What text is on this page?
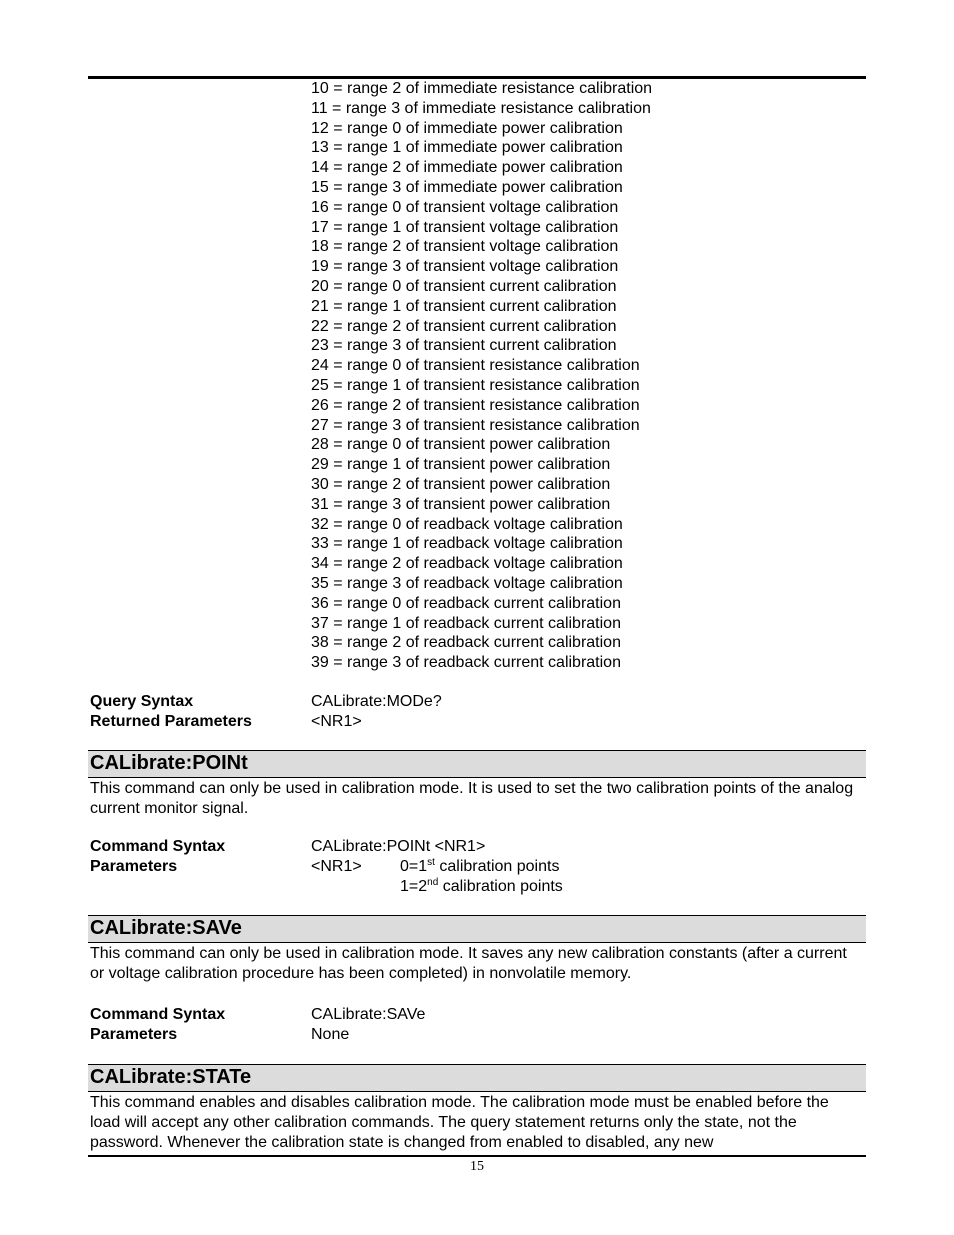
10 = range 2 of immediate resistance calibration
11 = range 3 of immediate resistance calibration
12 = range 0 of immediate power calibration
13 = range 1 of immediate power calibration
14 = range 2 of immediate power calibration
15 = range 3 of immediate power calibration
16 = range 0 of transient voltage calibration
17 = range 1 of transient voltage calibration
18 = range 2 of transient voltage calibration
19 = range 3 of transient voltage calibration
20 = range 0 of transient current calibration
21 = range 1 of transient current calibration
22 = range 2 of transient current calibration
23 = range 3 of transient current calibration
24 = range 0 of transient resistance calibration
25 = range 1 of transient resistance calibration
26 = range 2 of transient resistance calibration
27 = range 3 of transient resistance calibration
28 = range 0 of transient power calibration
29 = range 1 of transient power calibration
30 = range 2 of transient power calibration
31 = range 3 of transient power calibration
32 = range 0 of readback voltage calibration
33 = range 1 of readback voltage calibration
34 = range 2 of readback voltage calibration
35 = range 3 of readback voltage calibration
36 = range 0 of readback current calibration
37 = range 1 of readback current calibration
38 = range 2 of readback current calibration
39 = range 3 of readback current calibration
Query Syntax	CALibrate:MODe?
Returned Parameters	<NR1>
CALibrate:POINt
This command can only be used in calibration mode. It is used to set the two calibration points of the analog current monitor signal.
Command Syntax	CALibrate:POINt <NR1>
Parameters	<NR1> 0=1st calibration points
1=2nd calibration points
CALibrate:SAVe
This command can only be used in calibration mode. It saves any new calibration constants (after a current or voltage calibration procedure has been completed) in nonvolatile memory.
Command Syntax	CALibrate:SAVe
Parameters	None
CALibrate:STATe
This command enables and disables calibration mode. The calibration mode must be enabled before the load will accept any other calibration commands. The query statement returns only the state, not the password. Whenever the calibration state is changed from enabled to disabled, any new
15
